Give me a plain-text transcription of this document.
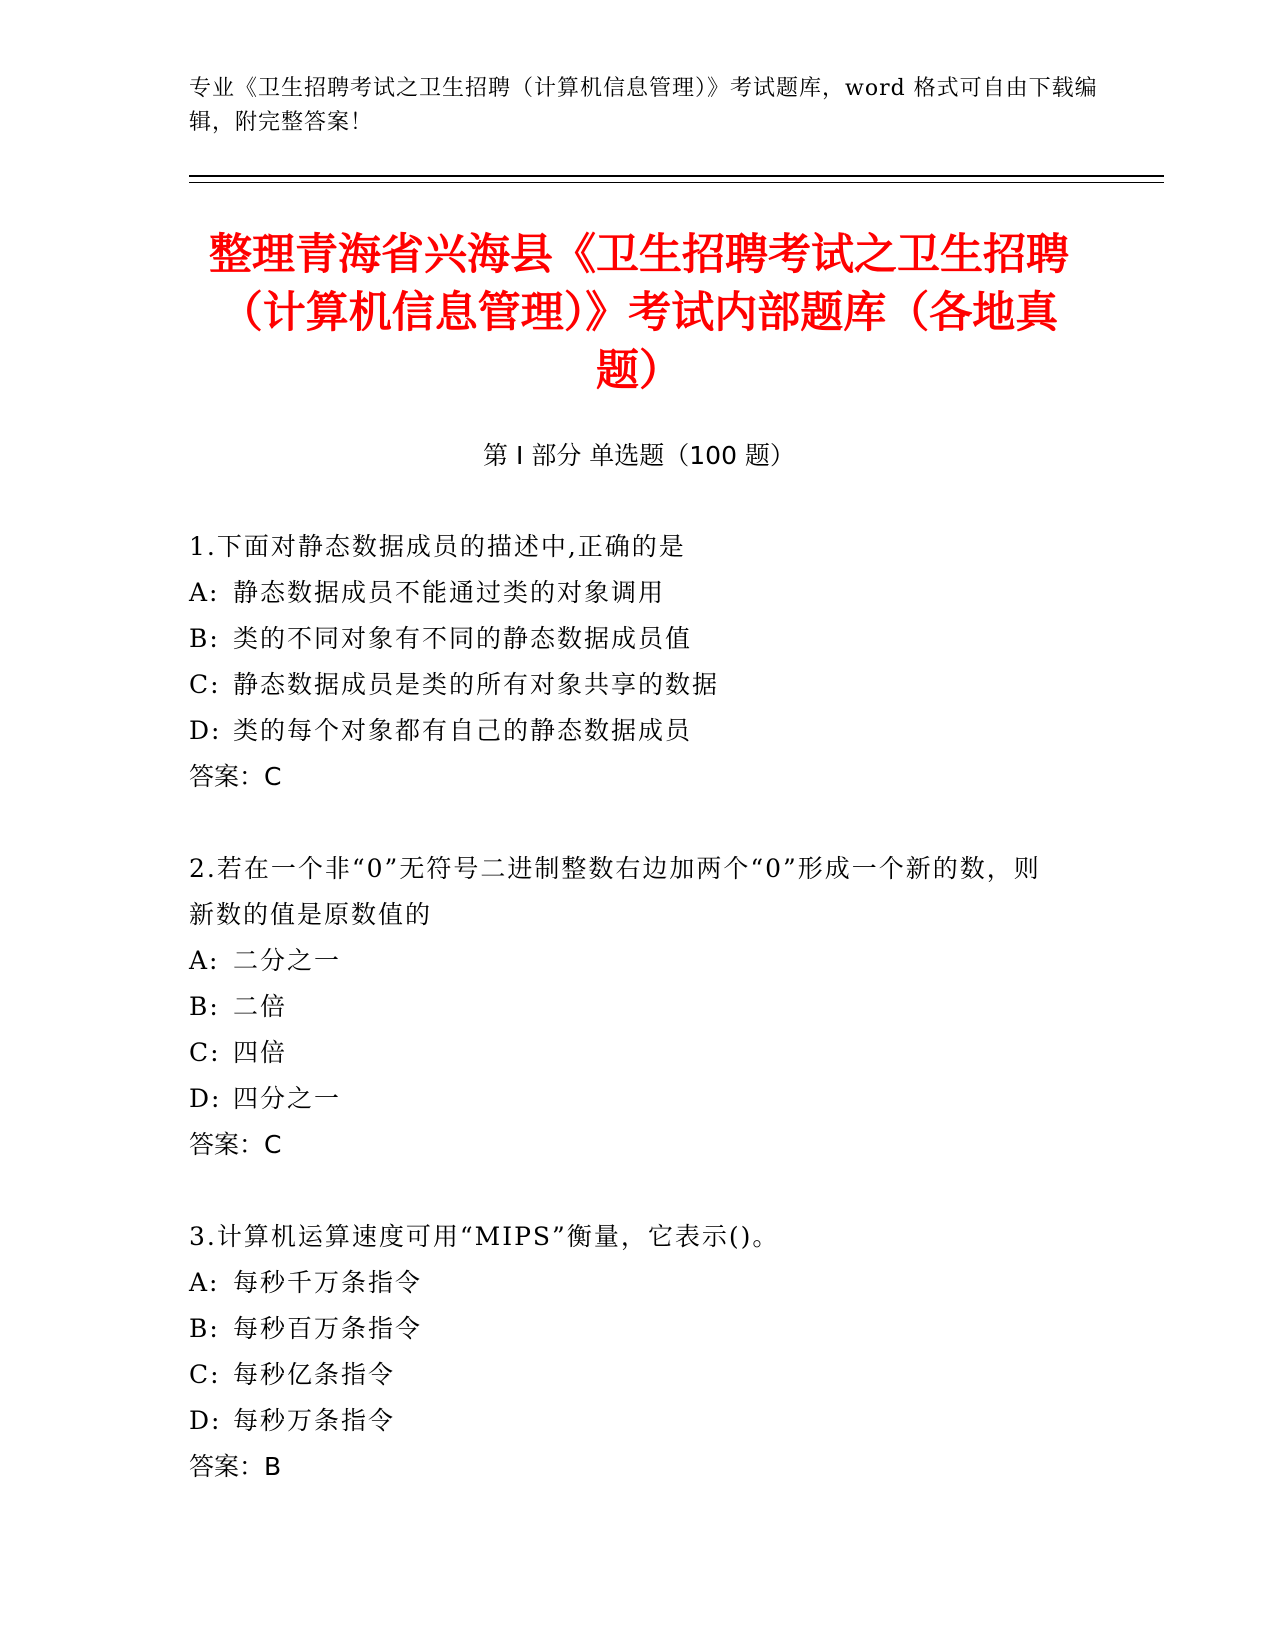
专业《卫生招聘考试之卫生招聘（计算机信息管理）》考试题库，word 格式可自由下载编辑，附完整答案！
整理青海省兴海县《卫生招聘考试之卫生招聘（计算机信息管理）》考试内部题库（各地真题）
第 I 部分 单选题（100 题）

1.下面对静态数据成员的描述中,正确的是

A: 静态数据成员不能通过类的对象调用

B: 类的不同对象有不同的静态数据成员值

C: 静态数据成员是类的所有对象共享的数据

D: 类的每个对象都有自己的静态数据成员

答案：C

2.若在一个非“0”无符号二进制整数右边加两个“0”形成一个新的数，则新数的值是原数值的

A: 二分之一

B: 二倍

C: 四倍

D: 四分之一

答案：C

3.计算机运算速度可用“MIPS”衡量，它表示()。

A: 每秒千万条指令

B: 每秒百万条指令

C: 每秒亿条指令

D: 每秒万条指令

答案：B
